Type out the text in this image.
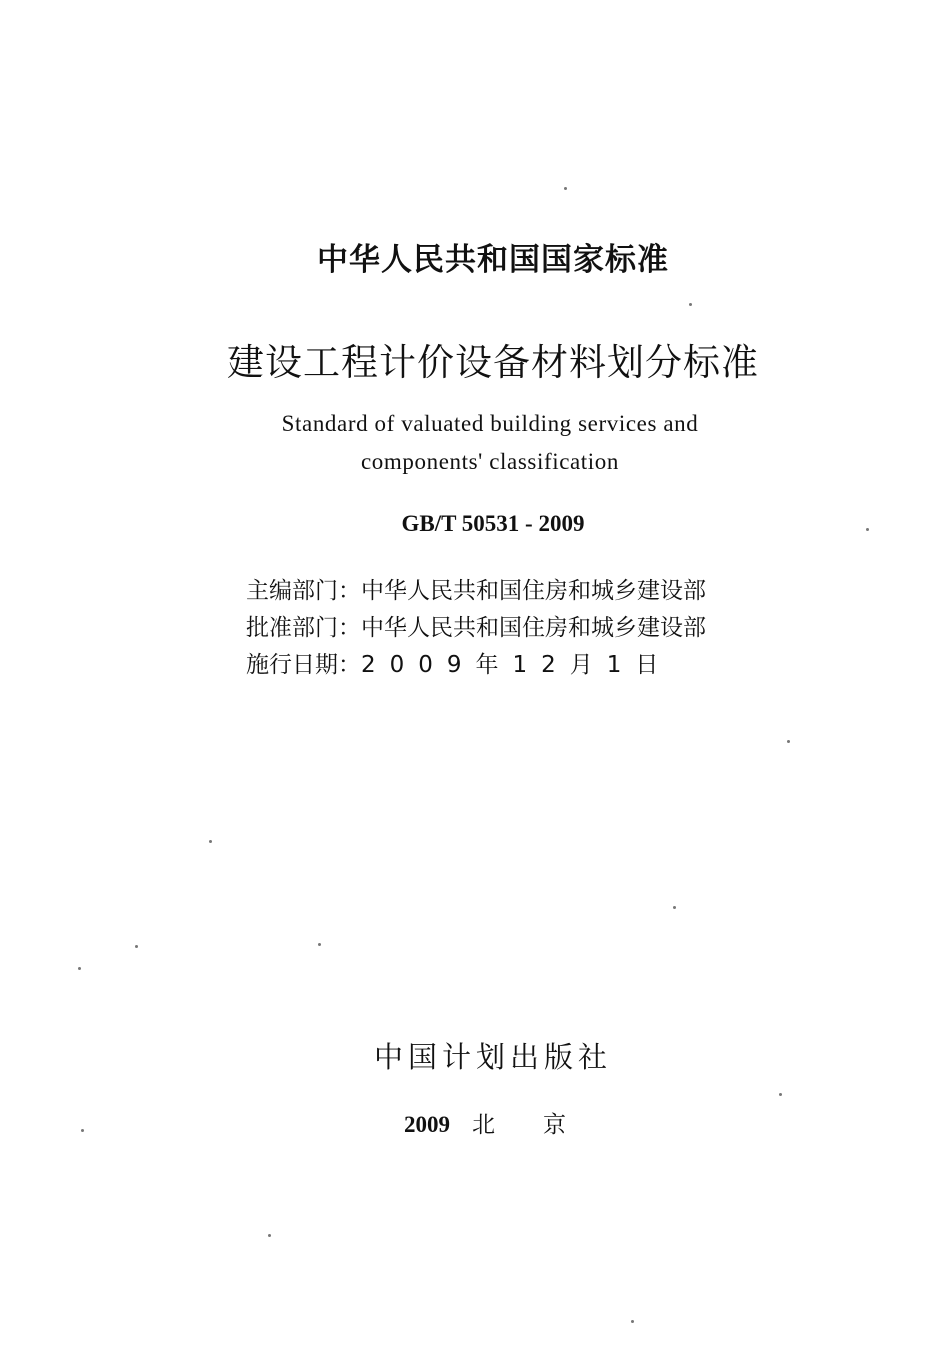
中华人民共和国国家标准
建设工程计价设备材料划分标准
Standard of valuated building services and
components' classification
GB/T 50531 - 2009
主编部门： 中华人民共和国住房和城乡建设部
批准部门： 中华人民共和国住房和城乡建设部
施行日期： 2009年12月1日
中国计划出版社
2009 北京
